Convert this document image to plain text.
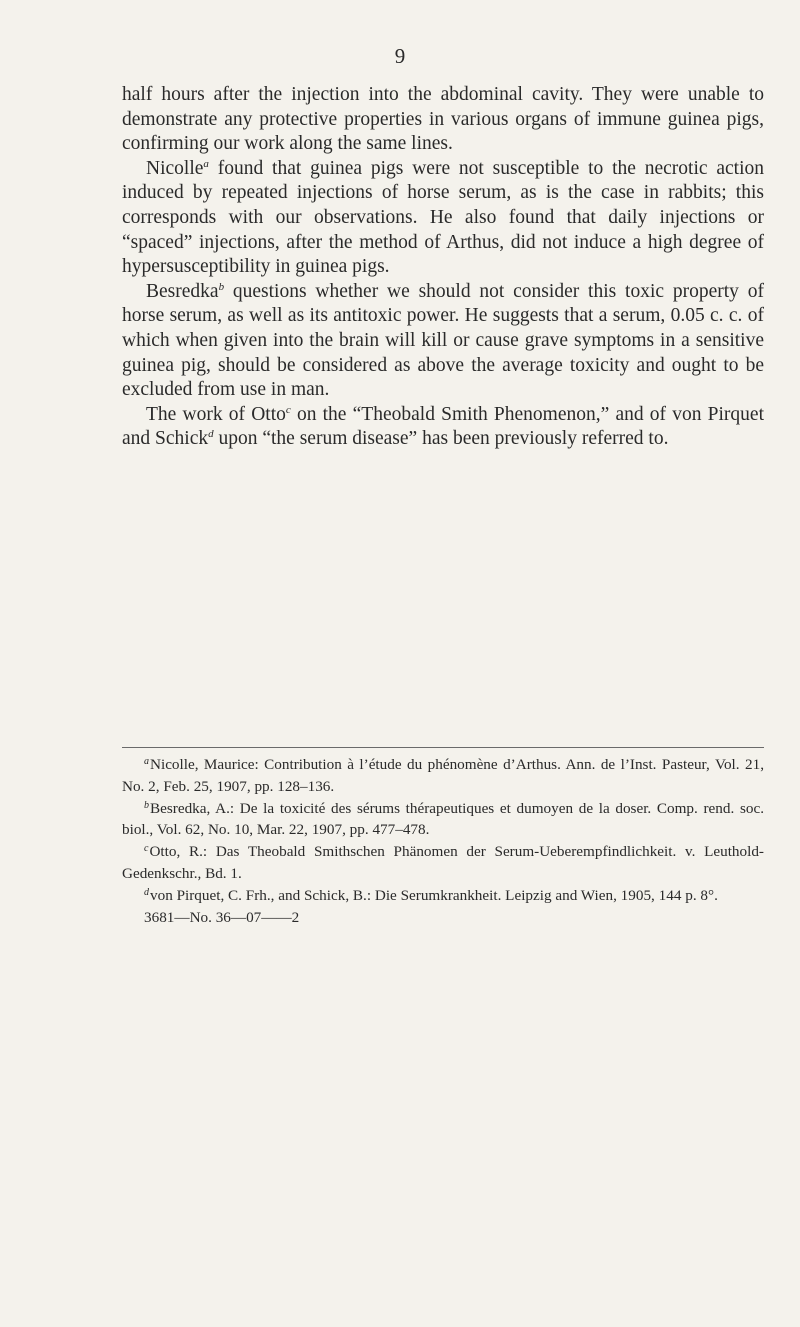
9

half hours after the injection into the abdominal cavity. They were unable to demonstrate any protective properties in various organs of immune guinea pigs, confirming our work along the same lines.

Nicolle$^a$ found that guinea pigs were not susceptible to the necrotic action induced by repeated injections of horse serum, as is the case in rabbits; this corresponds with our observations. He also found that daily injections or “spaced” injections, after the method of Arthus, did not induce a high degree of hypersusceptibility in guinea pigs.

Besredka$^b$ questions whether we should not consider this toxic property of horse serum, as well as its antitoxic power. He suggests that a serum, 0.05 c. c. of which when given into the brain will kill or cause grave symptoms in a sensitive guinea pig, should be considered as above the average toxicity and ought to be excluded from use in man.

The work of Otto$^c$ on the “Theobald Smith Phenomenon,” and of von Pirquet and Schick$^d$ upon “the serum disease” has been previously referred to.

$^a$Nicolle, Maurice: Contribution à l’étude du phénomène d’Arthus. Ann. de l’Inst. Pasteur, Vol. 21, No. 2, Feb. 25, 1907, pp. 128–136.

$^b$Besredka, A.: De la toxicité des sérums thérapeutiques et dumoyen de la doser. Comp. rend. soc. biol., Vol. 62, No. 10, Mar. 22, 1907, pp. 477–478.

$^c$Otto, R.: Das Theobald Smithschen Phänomen der Serum-Ueberempfindlichkeit. v. Leuthold-Gedenkschr., Bd. 1.

$^d$von Pirquet, C. Frh., and Schick, B.: Die Serumkrankheit. Leipzig and Wien, 1905, 144 p. 8°.

3681—No. 36—07——2
